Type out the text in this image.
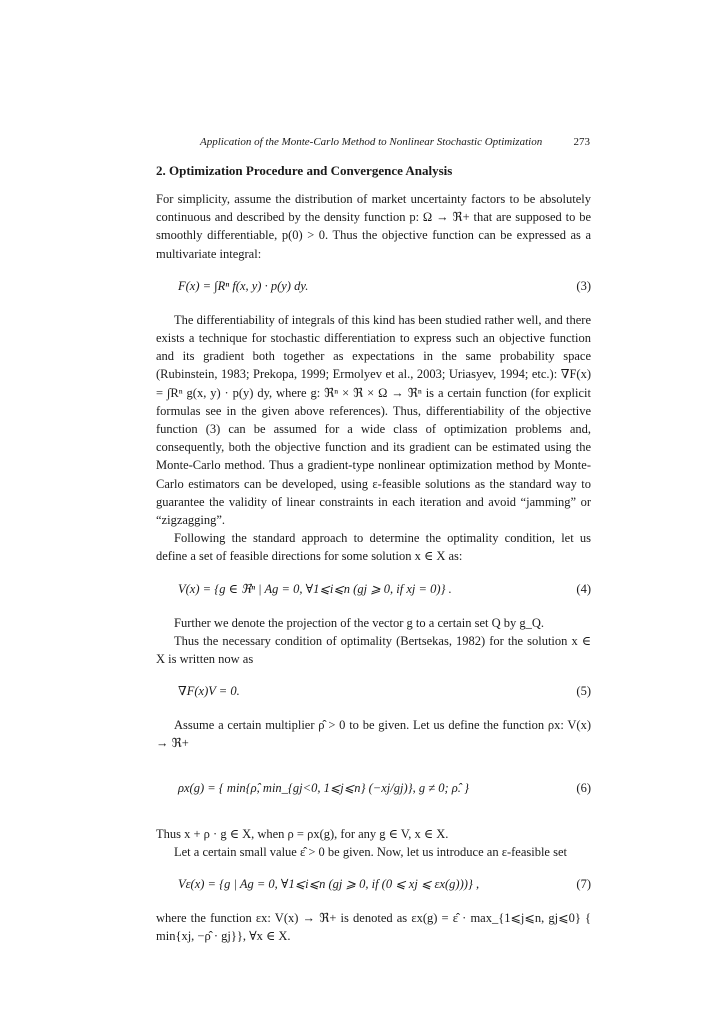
Application of the Monte-Carlo Method to Nonlinear Stochastic Optimization	273
2. Optimization Procedure and Convergence Analysis

For simplicity, assume the distribution of market uncertainty factors to be absolutely continuous and described by the density function p: Ω → ℜ+ that are supposed to be smoothly differentiable, p(0) > 0. Thus the objective function can be expressed as a multivariate integral:

F(x) = ∫Rⁿ f(x, y) · p(y) dy.	(3)

The differentiability of integrals of this kind has been studied rather well, and there exists a technique for stochastic differentiation to express such an objective function and its gradient both together as expectations in the same probability space (Rubinstein, 1983; Prekopa, 1999; Ermolyev et al., 2003; Uriasyev, 1994; etc.): ∇F(x) = ∫Rⁿ g(x, y) · p(y) dy, where g: ℜⁿ × ℜ × Ω → ℜⁿ is a certain function (for explicit formulas see in the given above references). Thus, differentiability of the objective function (3) can be assumed for a wide class of optimization problems and, consequently, both the objective function and its gradient can be estimated using the Monte-Carlo method. Thus a gradient-type nonlinear optimization method by Monte-Carlo estimators can be developed, using ε-feasible solutions as the standard way to guarantee the validity of linear constraints in each iteration and avoid “jamming” or “zigzagging”.

Following the standard approach to determine the optimality condition, let us define a set of feasible directions for some solution x ∈ X as:

V(x) = {g ∈ ℜⁿ | Ag = 0, ∀1⩽i⩽n (gj ⩾ 0, if xj = 0)} .	(4)

Further we denote the projection of the vector g to a certain set Q by g_Q.

Thus the necessary condition of optimality (Bertsekas, 1982) for the solution x ∈ X is written now as

∇F(x)V = 0.	(5)

Assume a certain multiplier ρ̂ > 0 to be given. Let us define the function ρx: V(x) → ℜ+

ρx(g) = { min{ρ̂, min_{gj<0, 1⩽j⩽n} (−xj/gj)}, g ≠ 0; ρ̂. }	(6)

Thus x + ρ · g ∈ X, when ρ = ρx(g), for any g ∈ V, x ∈ X.

Let a certain small value ε̂ > 0 be given. Now, let us introduce an ε-feasible set

Vε(x) = {g | Ag = 0, ∀1⩽i⩽n (gj ⩾ 0, if (0 ⩽ xj ⩽ εx(g)))} ,	(7)

where the function εx: V(x) → ℜ+ is denoted as εx(g) = ε̂ · max_{1⩽j⩽n, gj⩽0} { min{xj, −ρ̂ · gj}}, ∀x ∈ X.
